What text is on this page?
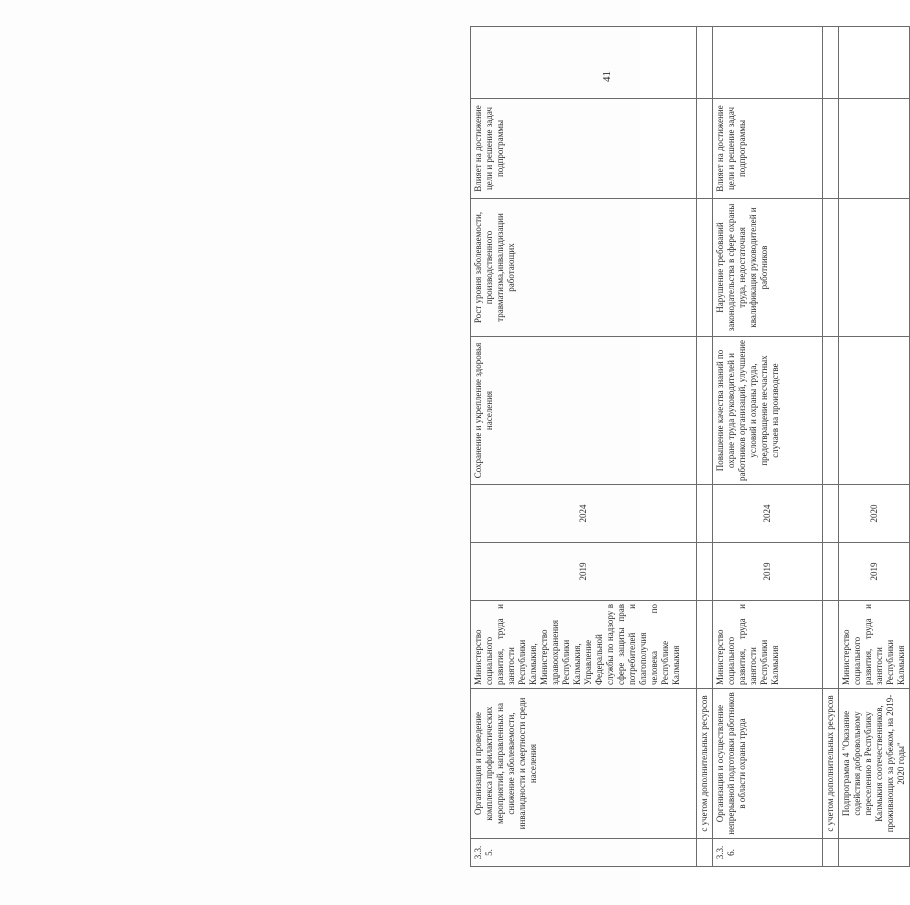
41
3.3.
5.	Организация и проведение комплекса профилактических мероприятий, направленных на снижение заболеваемости, инвалидности и смертности среди населения	Министерство социального развития, труда и занятости Республики Калмыкия, Министерство здравоохранения Республики Калмыкия, Управление Федеральной службы по надзору в сфере защиты прав потребителей и благополучия человека по Республике Калмыкия	2019	2024	Сохранение и укрепление здоровья населения	Рост уровня заболеваемости, производственного травматизма,инвалидизации работающих	Влияет на достижение цели и решение задач подпрограммы	
	с учетом дополнительных ресурсов							

3.3.
6.	Организация и осуществление непрерывной подготовки работников в области охраны труда	Министерство социального развития, труда и занятости Республики Калмыкия	2019	2024	Повышение качества знаний по охране труда руководителей и работников организаций, улучшение условий и охраны труда, предотвращение несчастных случаев на производстве	Нарушение требований законодательства в сфере охраны труда, недостаточная квалификация руководителей и работников	Влияет на достижение цели и решение задач подпрограммы	
	с учетом дополнительных ресурсов							
	Подпрограмма 4 "Оказание содействия добровольному переселению в Республику Калмыкия соотечественников, проживающих за рубежом, на 2019-2020 годы"	Министерство социального развития, труда и занятости Республики Калмыкия	2019	2020				
